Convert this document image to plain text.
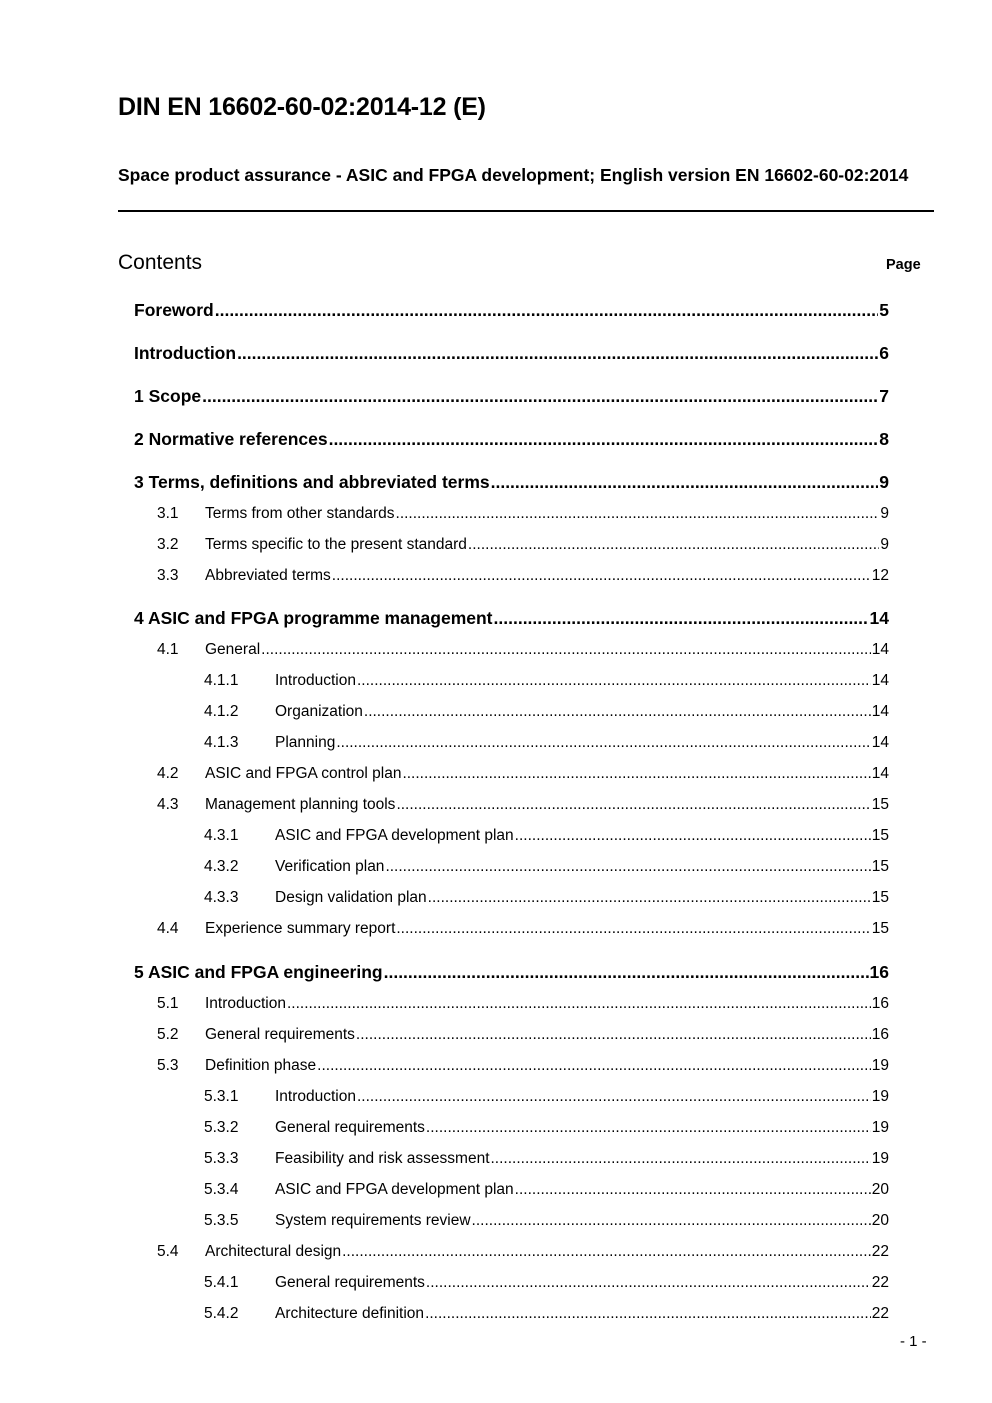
DIN EN 16602-60-02:2014-12 (E)
Space product assurance - ASIC and FPGA development; English version EN 16602-60-02:2014
Contents	Page
Foreword .....	5
Introduction .....	6
1 Scope .....	7
2 Normative references .....	8
3 Terms, definitions and abbreviated terms .....	9
3.1	Terms from other standards .....	9
3.2	Terms specific to the present standard .....	9
3.3	Abbreviated terms .....	12
4 ASIC and FPGA programme management .....	14
4.1	General .....	14
4.1.1	Introduction .....	14
4.1.2	Organization .....	14
4.1.3	Planning .....	14
4.2	ASIC and FPGA control plan .....	14
4.3	Management planning tools .....	15
4.3.1	ASIC and FPGA development plan .....	15
4.3.2	Verification plan .....	15
4.3.3	Design validation plan .....	15
4.4	Experience summary report .....	15
5 ASIC and FPGA engineering .....	16
5.1	Introduction .....	16
5.2	General requirements .....	16
5.3	Definition phase .....	19
5.3.1	Introduction .....	19
5.3.2	General requirements .....	19
5.3.3	Feasibility and risk assessment .....	19
5.3.4	ASIC and FPGA development plan .....	20
5.3.5	System requirements review .....	20
5.4	Architectural design .....	22
5.4.1	General requirements .....	22
5.4.2	Architecture definition .....	22
- 1 -
